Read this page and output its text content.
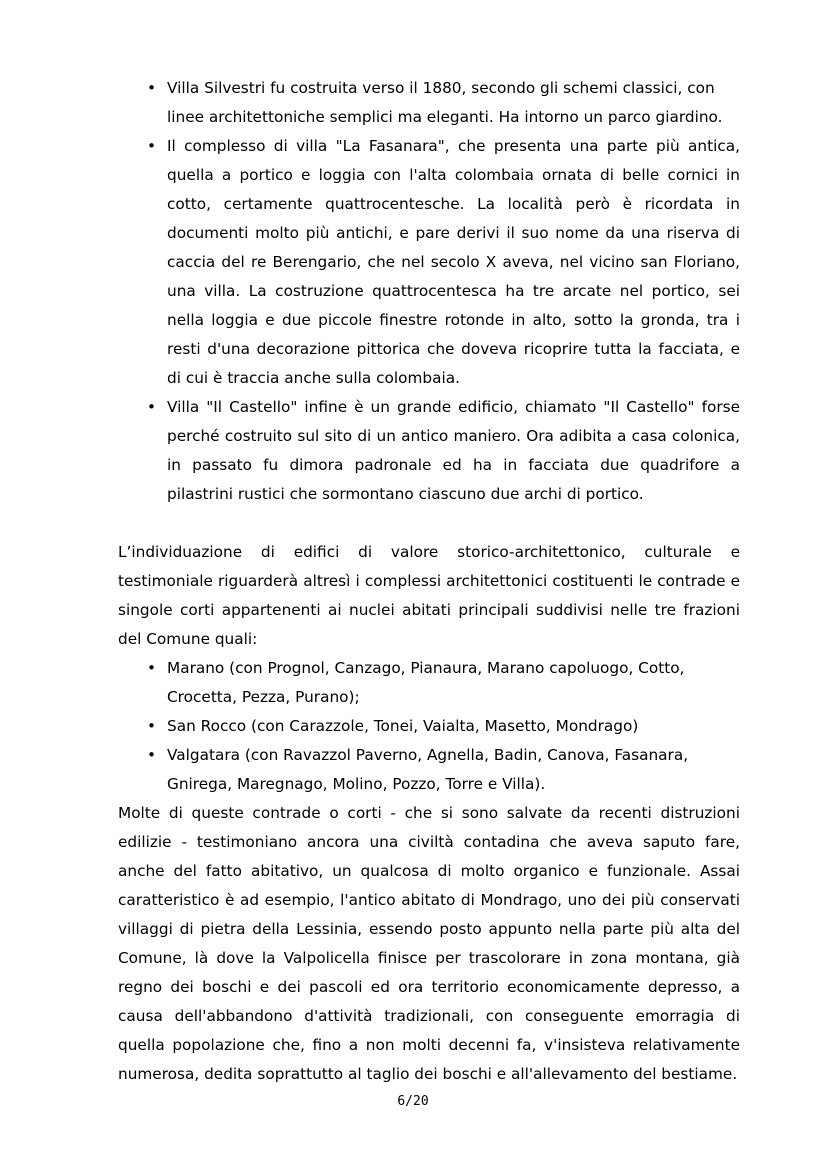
•
Villa Silvestri fu costruita verso il 1880, secondo gli schemi classici, con linee architettoniche semplici ma eleganti. Ha intorno un parco giardino.
•
Il complesso di villa "La Fasanara", che presenta una parte più antica, quella a portico e loggia con l'alta colombaia ornata di belle cornici in cotto, certamente quattrocentesche. La località però è ricordata in documenti molto più antichi, e pare derivi il suo nome da una riserva di caccia del re Berengario, che nel secolo X aveva, nel vicino san Floriano, una villa. La costruzione quattrocentesca ha tre arcate nel portico, sei nella loggia e due piccole finestre rotonde in alto, sotto la gronda, tra i resti d'una decorazione pittorica che doveva ricoprire tutta la facciata, e di cui è traccia anche sulla colombaia.
•
Villa "Il Castello" infine è un grande edificio, chiamato "Il Castello" forse perché costruito sul sito di un antico maniero. Ora adibita a casa colonica, in passato fu dimora padronale ed ha in facciata due quadrifore a pilastrini rustici che sormontano ciascuno due archi di portico.

L’individuazione di edifici di valore storico-architettonico, culturale e testimoniale riguarderà altresì i complessi architettonici costituenti le contrade e singole corti appartenenti ai nuclei abitati principali suddivisi nelle tre frazioni del Comune quali:

•
Marano (con Prognol, Canzago, Pianaura, Marano capoluogo, Cotto, Crocetta, Pezza, Purano);
•
San Rocco (con Carazzole, Tonei, Vaialta, Masetto, Mondrago)
•
Valgatara (con Ravazzol Paverno, Agnella, Badin, Canova, Fasanara, Gnirega, Maregnago, Molino, Pozzo, Torre e Villa).

Molte di queste contrade o corti - che si sono salvate da recenti distruzioni edilizie - testimoniano ancora una civiltà contadina che aveva saputo fare, anche del fatto abitativo, un qualcosa di molto organico e funzionale. Assai caratteristico è ad esempio, l'antico abitato di Mondrago, uno dei più conservati villaggi di pietra della Lessinia, essendo posto appunto nella parte più alta del Comune, là dove la Valpolicella finisce per trascolorare in zona montana, già regno dei boschi e dei pascoli ed ora territorio economicamente depresso, a causa dell'abbandono d'attività tradizionali, con conseguente emorragia di quella popolazione che, fino a non molti decenni fa, v'insisteva relativamente numerosa, dedita soprattutto al taglio dei boschi e all'allevamento del bestiame.

6/20
